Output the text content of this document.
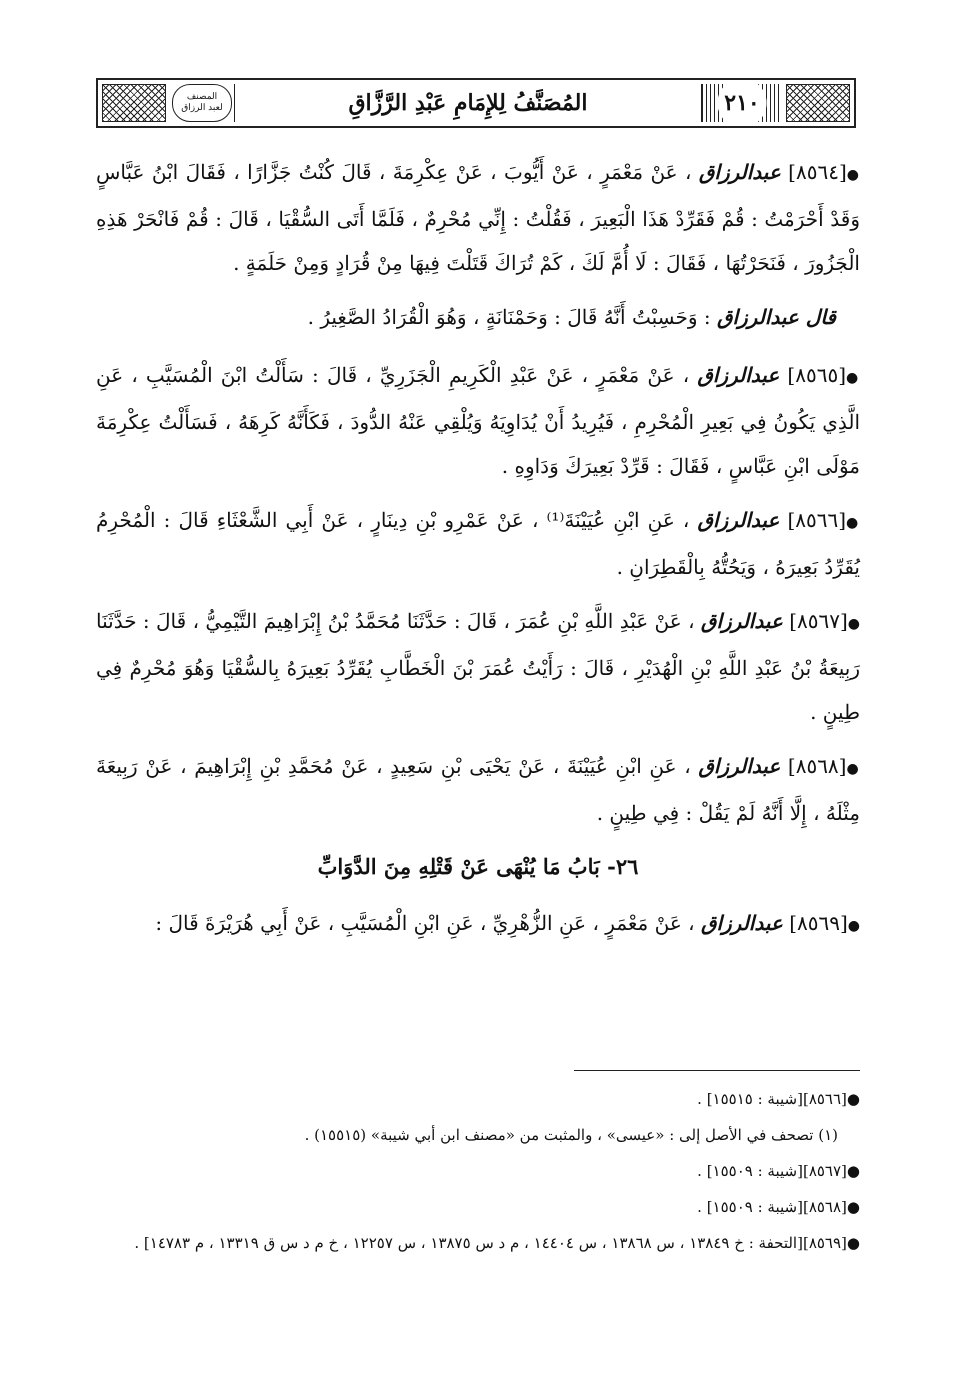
المصنف
لعبد الرزاق	المُصَنَّفُ لِلإِمَامِ عَبْدِ الرَّزَّاقِ	٢١٠

●[٨٥٦٤] عبدالرزاق ، عَنْ مَعْمَرٍ ، عَنْ أَيُّوبَ ، عَنْ عِكْرِمَةَ ، قَالَ كُنْتُ جَزَّارًا ، فَقَالَ ابْنُ عَبَّاسٍ وَقَدْ أَحْرَمْتُ : قُمْ فَقَرِّدْ هَذَا الْبَعِيرَ ، فَقُلْتُ : إِنِّي مُحْرِمٌ ، فَلَمَّا أَتَى السُّقْيَا ، قَالَ : قُمْ فَانْحَرْ هَذِهِ الْجَزُورَ ، فَنَحَرْتُهَا ، فَقَالَ : لَا أُمَّ لَكَ ، كَمْ تُرَاكَ قَتَلْتَ فِيهَا مِنْ قُرَادٍ وَمِنْ حَلَمَةٍ .

قال عبدالرزاق : وَحَسِبْتُ أَنَّهُ قَالَ : وَحَمْنَانَةٍ ، وَهُوَ الْقُرَادُ الصَّغِيرُ .

●[٨٥٦٥] عبدالرزاق ، عَنْ مَعْمَرٍ ، عَنْ عَبْدِ الْكَرِيمِ الْجَزَرِيِّ ، قَالَ : سَأَلْتُ ابْنَ الْمُسَيَّبِ ، عَنِ الَّذِي يَكُونُ فِي بَعِيرِ الْمُحْرِمِ ، فَيُرِيدُ أَنْ يُدَاوِيَهُ وَيُلْقِي عَنْهُ الدُّودَ ، فَكَأَنَّهُ كَرِهَهُ ، فَسَأَلْتُ عِكْرِمَةَ مَوْلَى ابْنِ عَبَّاسٍ ، فَقَالَ : قَرِّدْ بَعِيرَكَ وَدَاوِهِ .

●[٨٥٦٦] عبدالرزاق ، عَنِ ابْنِ عُيَيْنَةَ⁽¹⁾ ، عَنْ عَمْرِو بْنِ دِينَارٍ ، عَنْ أَبِي الشَّعْثَاءِ قَالَ : الْمُحْرِمُ يُقَرِّدُ بَعِيرَهُ ، وَيَحُتُّهُ بِالْقَطِرَانِ .

●[٨٥٦٧] عبدالرزاق ، عَنْ عَبْدِ اللَّهِ بْنِ عُمَرَ ، قَالَ : حَدَّثَنَا مُحَمَّدُ بْنُ إِبْرَاهِيمَ التَّيْمِيُّ ، قَالَ : حَدَّثَنَا رَبِيعَةُ بْنُ عَبْدِ اللَّهِ بْنِ الْهُدَيْرِ ، قَالَ : رَأَيْتُ عُمَرَ بْنَ الْخَطَّابِ يُقَرِّدُ بَعِيرَهُ بِالسُّقْيَا وَهُوَ مُحْرِمٌ فِي طِينٍ .

●[٨٥٦٨] عبدالرزاق ، عَنِ ابْنِ عُيَيْنَةَ ، عَنْ يَحْيَى بْنِ سَعِيدٍ ، عَنْ مُحَمَّدِ بْنِ إِبْرَاهِيمَ ، عَنْ رَبِيعَةَ مِثْلَهُ ، إِلَّا أَنَّهُ لَمْ يَقُلْ : فِي طِينٍ .

٢٦- بَابُ مَا يُنْهَى عَنْ قَتْلِهِ مِنَ الدَّوَابِّ

●[٨٥٦٩] عبدالرزاق ، عَنْ مَعْمَرٍ ، عَنِ الزُّهْرِيِّ ، عَنِ ابْنِ الْمُسَيَّبِ ، عَنْ أَبِي هُرَيْرَةَ قَالَ :

●[٨٥٦٦][شيبة : ١٥٥١٥] .
(١) تصحف في الأصل إلى : «عيسى» ، والمثبت من «مصنف ابن أبي شيبة» (١٥٥١٥) .
●[٨٥٦٧][شيبة : ١٥٥٠٩] .
●[٨٥٦٨][شيبة : ١٥٥٠٩] .
●[٨٥٦٩][التحفة : خ ١٣٨٤٩ ، س ١٣٨٦٨ ، س ١٤٤٠٤ ، م د س ١٣٨٧٥ ، س ١٢٢٥٧ ، خ م د س ق ١٣٣١٩ ، م ١٤٧٨٣] .
